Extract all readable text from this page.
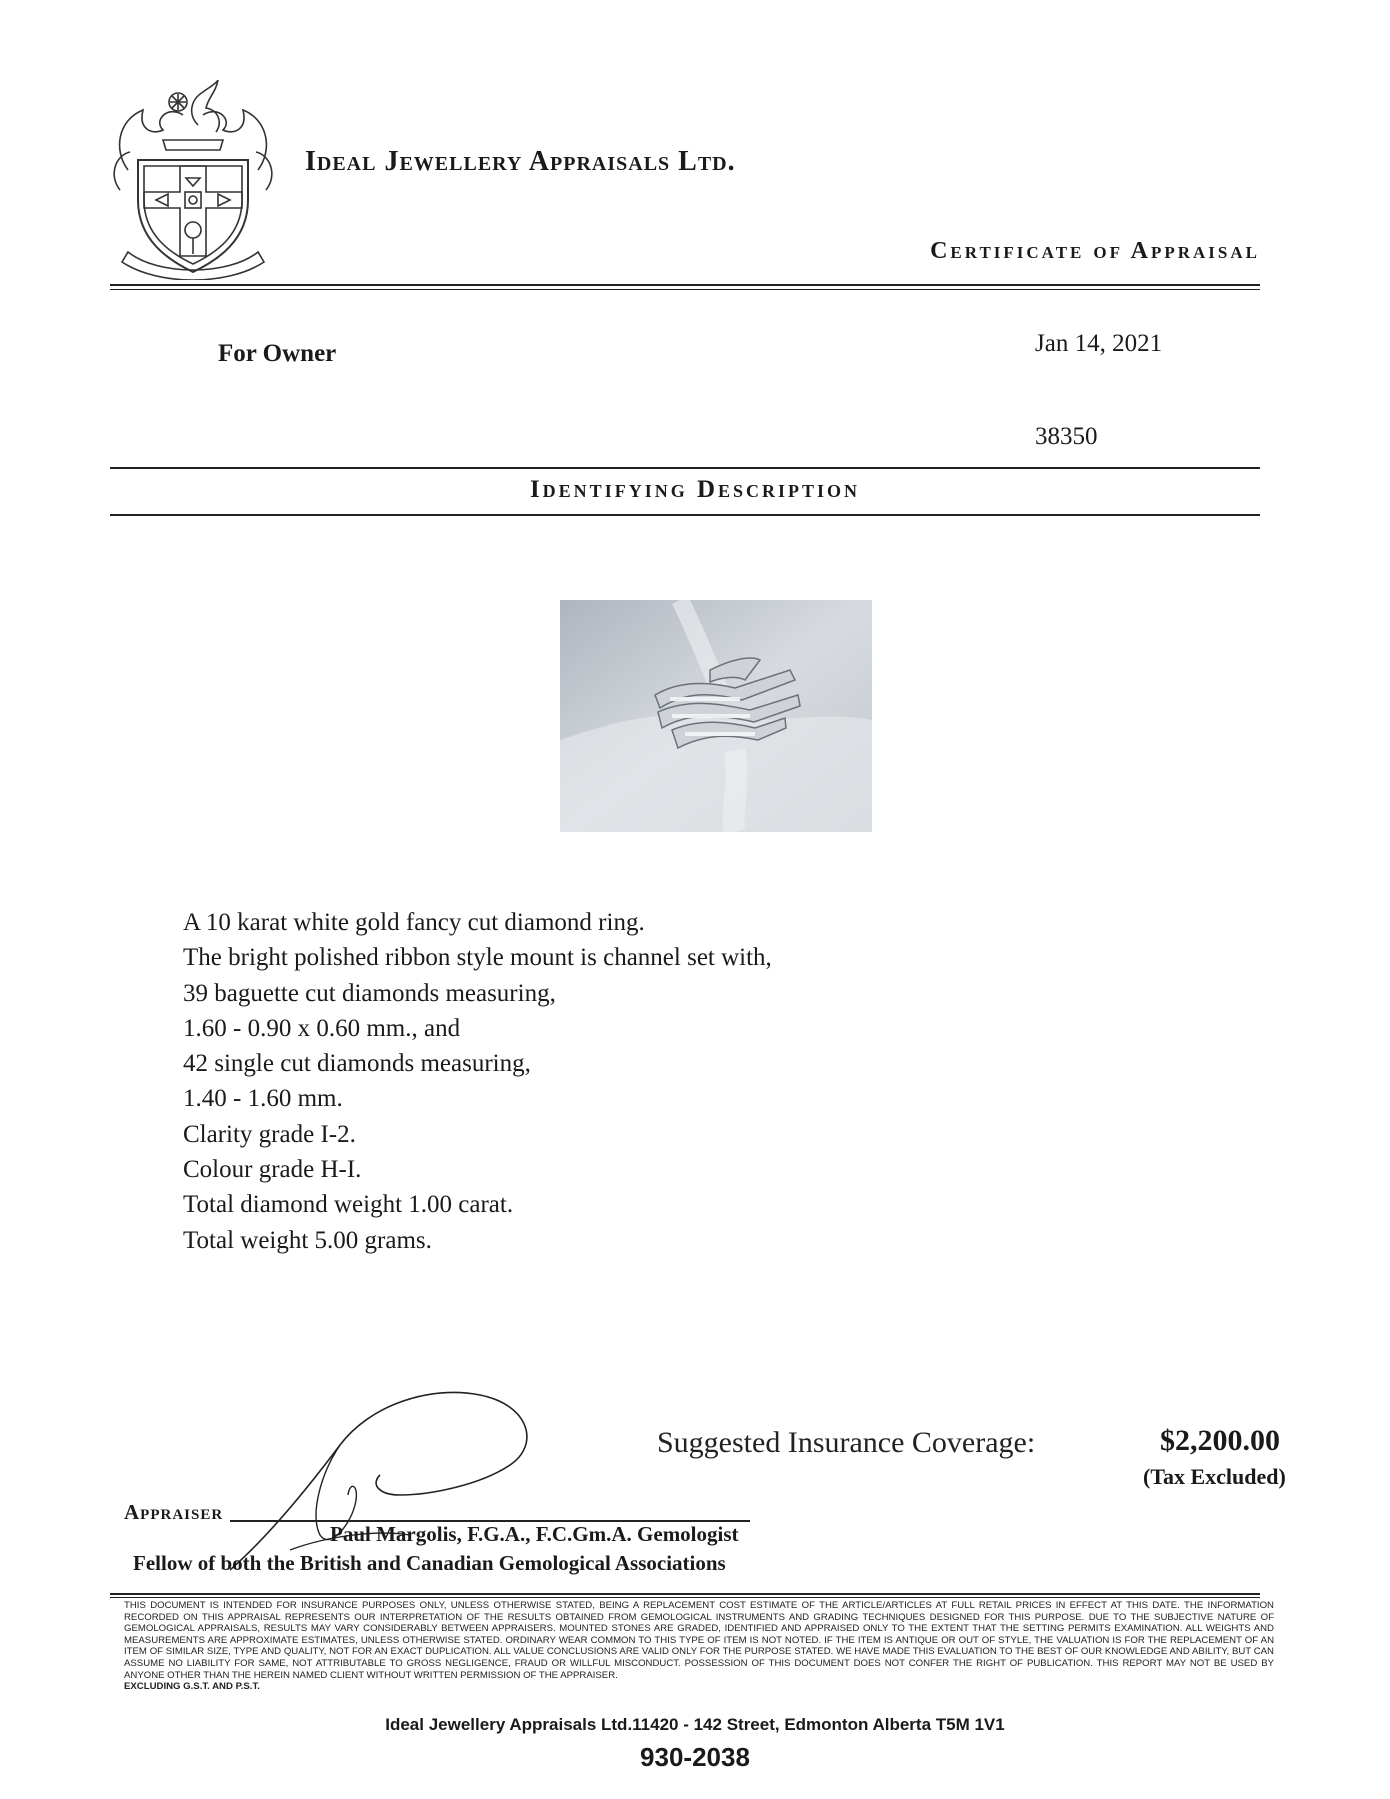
Ideal Jewellery Appraisals Ltd.
Certificate of Appraisal
For Owner	Jan 14, 2021
38350
Identifying Description
A 10 karat white gold fancy cut diamond ring.
The bright polished ribbon style mount is channel set with,
39 baguette cut diamonds measuring,
1.60 - 0.90 x 0.60 mm., and
42 single cut diamonds measuring,
1.40 - 1.60 mm.
Clarity grade I-2.
Colour grade H-I.
Total diamond weight 1.00 carat.
Total weight 5.00 grams.
Suggested Insurance Coverage:	$2,200.00
(Tax Excluded)
Appraiser
Paul Margolis, F.G.A., F.C.Gm.A. Gemologist
Fellow of both the British and Canadian Gemological Associations
THIS DOCUMENT IS INTENDED FOR INSURANCE PURPOSES ONLY, UNLESS OTHERWISE STATED, BEING A REPLACEMENT COST ESTIMATE OF THE ARTICLE/ARTICLES AT FULL RETAIL PRICES IN EFFECT AT THIS DATE. THE INFORMATION RECORDED ON THIS APPRAISAL REPRESENTS OUR INTERPRETATION OF THE RESULTS OBTAINED FROM GEMOLOGICAL INSTRUMENTS AND GRADING TECHNIQUES DESIGNED FOR THIS PURPOSE. DUE TO THE SUBJECTIVE NATURE OF GEMOLOGICAL APPRAISALS, RESULTS MAY VARY CONSIDERABLY BETWEEN APPRAISERS. MOUNTED STONES ARE GRADED, IDENTIFIED AND APPRAISED ONLY TO THE EXTENT THAT THE SETTING PERMITS EXAMINATION. ALL WEIGHTS AND MEASUREMENTS ARE APPROXIMATE ESTIMATES, UNLESS OTHERWISE STATED. ORDINARY WEAR COMMON TO THIS TYPE OF ITEM IS NOT NOTED. IF THE ITEM IS ANTIQUE OR OUT OF STYLE, THE VALUATION IS FOR THE REPLACEMENT OF AN ITEM OF SIMILAR SIZE, TYPE AND QUALITY, NOT FOR AN EXACT DUPLICATION. ALL VALUE CONCLUSIONS ARE VALID ONLY FOR THE PURPOSE STATED. WE HAVE MADE THIS EVALUATION TO THE BEST OF OUR KNOWLEDGE AND ABILITY, BUT CAN ASSUME NO LIABILITY FOR SAME, NOT ATTRIBUTABLE TO GROSS NEGLIGENCE, FRAUD OR WILLFUL MISCONDUCT. POSSESSION OF THIS DOCUMENT DOES NOT CONFER THE RIGHT OF PUBLICATION. THIS REPORT MAY NOT BE USED BY ANYONE OTHER THAN THE HEREIN NAMED CLIENT WITHOUT WRITTEN PERMISSION OF THE APPRAISER.
EXCLUDING G.S.T. AND P.S.T.
Ideal Jewellery Appraisals Ltd.11420 - 142 Street, Edmonton Alberta T5M 1V1
930-2038
